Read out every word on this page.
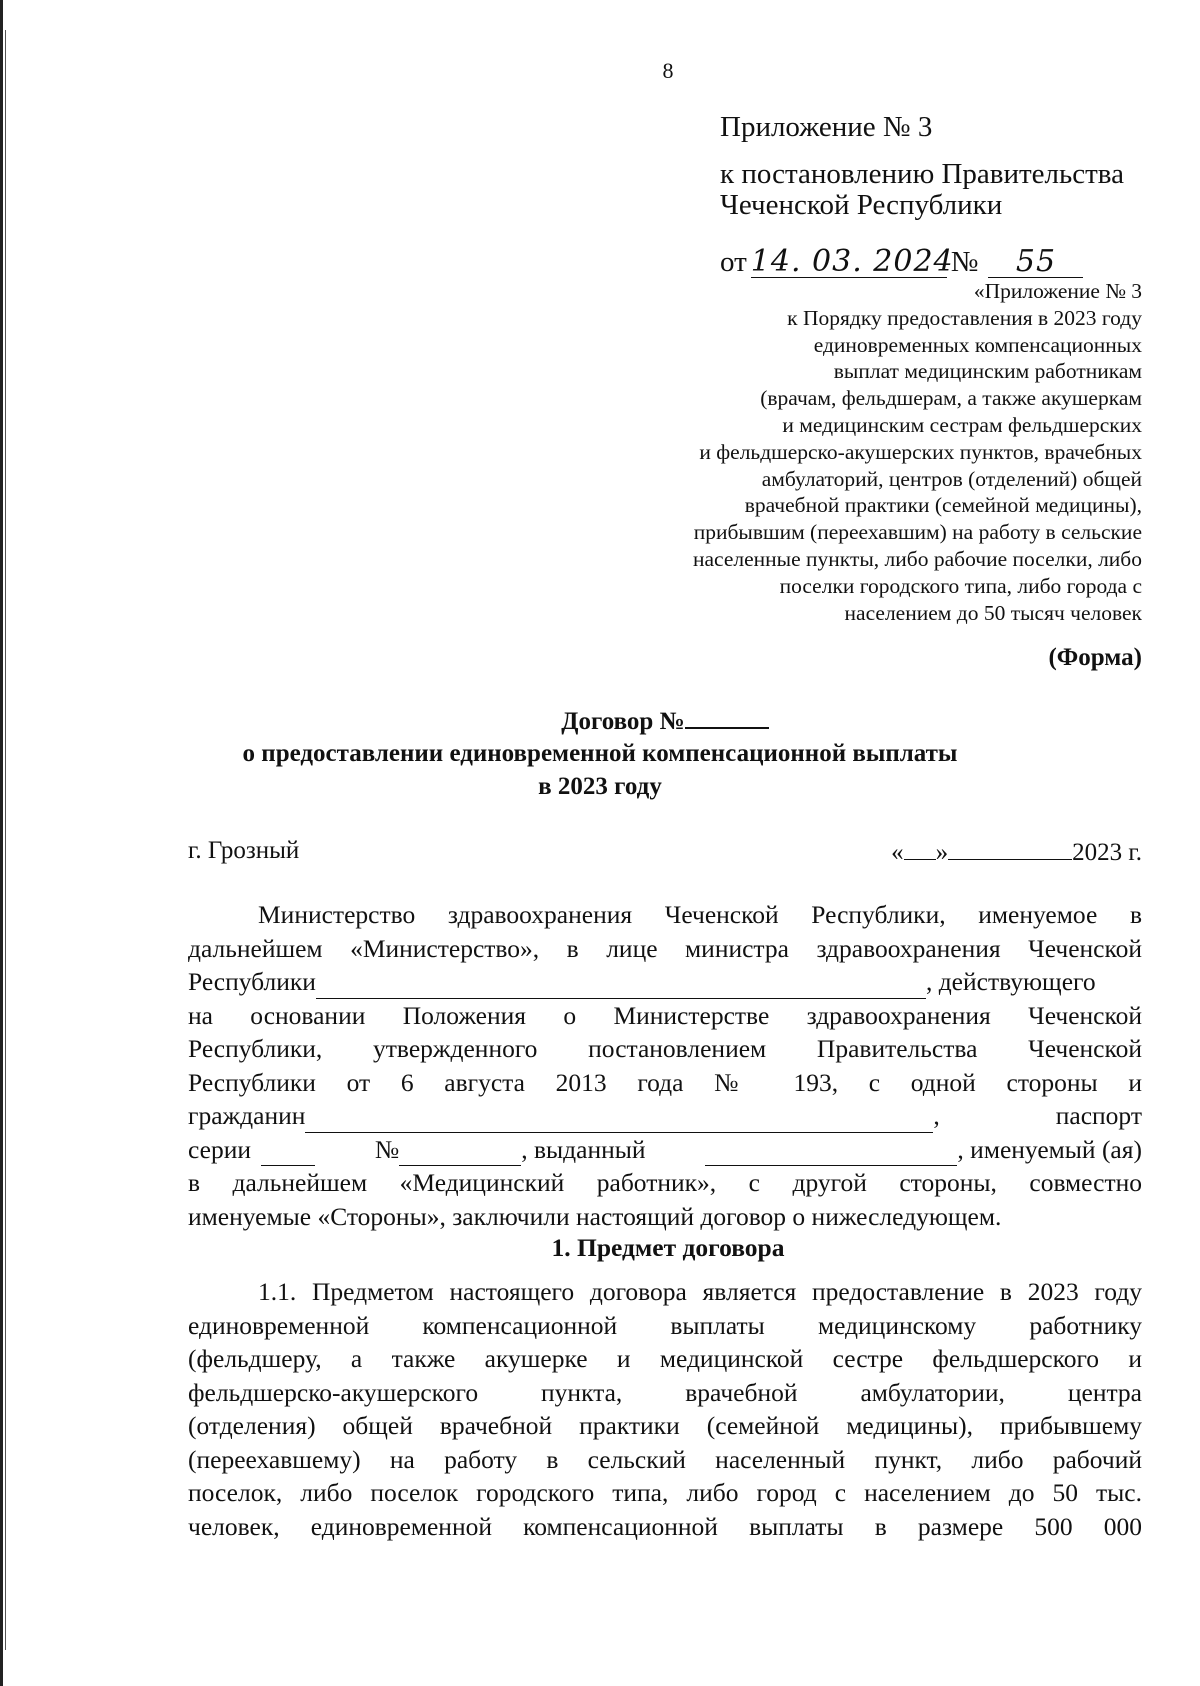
8
Приложение № 3
к постановлению Правительства
Чеченской Республики
от 14. 03. 2024
№	55
«Приложение № 3
к Порядку предоставления в 2023 году
единовременных компенсационных
выплат медицинским работникам
(врачам, фельдшерам, а также акушеркам
и медицинским сестрам фельдшерских
и фельдшерско-акушерских пунктов, врачебных
амбулаторий, центров (отделений) общей
врачебной практики (семейной медицины),
прибывшим (переехавшим) на работу в сельские
населенные пункты, либо рабочие поселки, либо
поселки городского типа, либо города с
населением до 50 тысяч человек
(Форма)
Договор №
о предоставлении единовременной компенсационной выплаты
в 2023 году
г. Грозный	« »	2023 г.
Министерство здравоохранения Чеченской Республики, именуемое в
дальнейшем «Министерство», в лице министра здравоохранения Чеченской
Республики	, действующего
на основании Положения о Министерстве здравоохранения Чеченской
Республики, утвержденного постановлением Правительства Чеченской
Республики от 6 августа 2013 года № 193, с одной стороны и
гражданин	,	паспорт
серии	№	, выданный	, именуемый (ая)
в дальнейшем «Медицинский работник», с другой стороны, совместно
именуемые «Стороны», заключили настоящий договор о нижеследующем.
1. Предмет договора
1.1. Предметом настоящего договора является предоставление в 2023 году
единовременной компенсационной выплаты медицинскому работнику
(фельдшеру, а также акушерке и медицинской сестре фельдшерского и
фельдшерско-акушерского пункта, врачебной амбулатории, центра
(отделения) общей врачебной практики (семейной медицины), прибывшему
(переехавшему) на работу в сельский населенный пункт, либо рабочий
поселок, либо поселок городского типа, либо город с населением до 50 тыс.
человек, единовременной компенсационной выплаты в размере 500 000
